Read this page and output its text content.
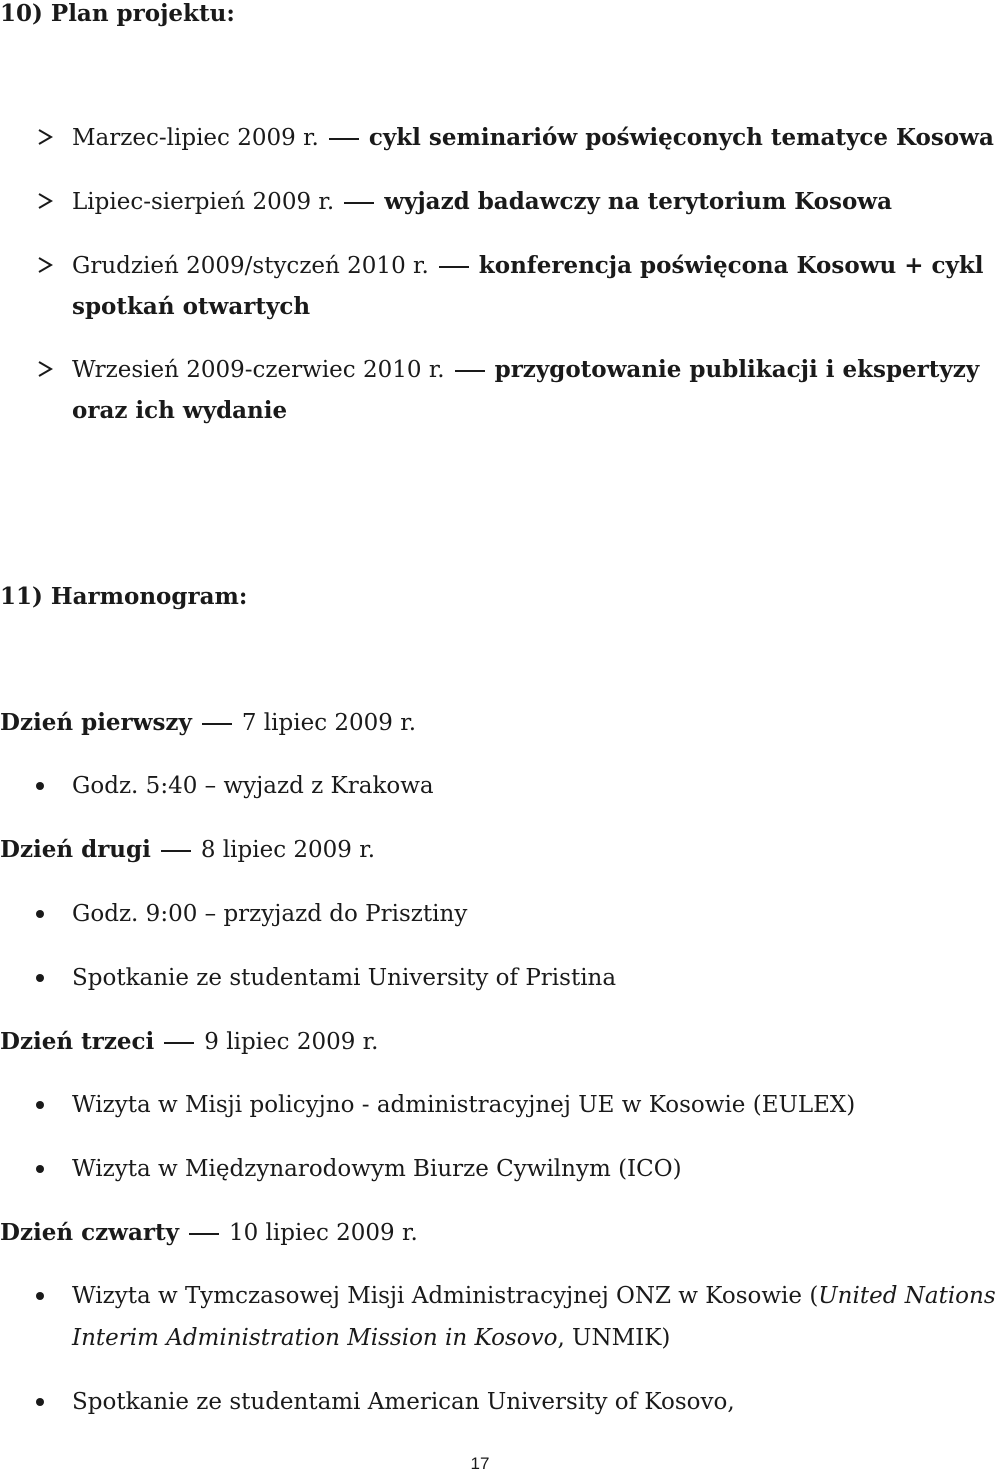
10) Plan projektu:
Marzec-lipiec 2009 r. cykl seminariów poświęconych tematyce Kosowa
Lipiec-sierpień 2009 r. wyjazd badawczy na terytorium Kosowa
Grudzień 2009/styczeń 2010 r. konferencja poświęcona Kosowu + cykl
spotkań otwartych
Wrzesień 2009-czerwiec 2010 r. przygotowanie publikacji i ekspertyzy
oraz ich wydanie
11) Harmonogram:
Dzień pierwszy 7 lipiec 2009 r.
Godz. 5:40 – wyjazd z Krakowa
Dzień drugi 8 lipiec 2009 r.
Godz. 9:00 – przyjazd do Prisztiny
Spotkanie ze studentami University of Pristina
Dzień trzeci 9 lipiec 2009 r.
Wizyta w Misji policyjno - administracyjnej UE w Kosowie (EULEX)
Wizyta w Międzynarodowym Biurze Cywilnym (ICO)
Dzień czwarty 10 lipiec 2009 r.
Wizyta w Tymczasowej Misji Administracyjnej ONZ w Kosowie (United Nations
Interim Administration Mission in Kosovo, UNMIK)
Spotkanie ze studentami American University of Kosovo,
17
